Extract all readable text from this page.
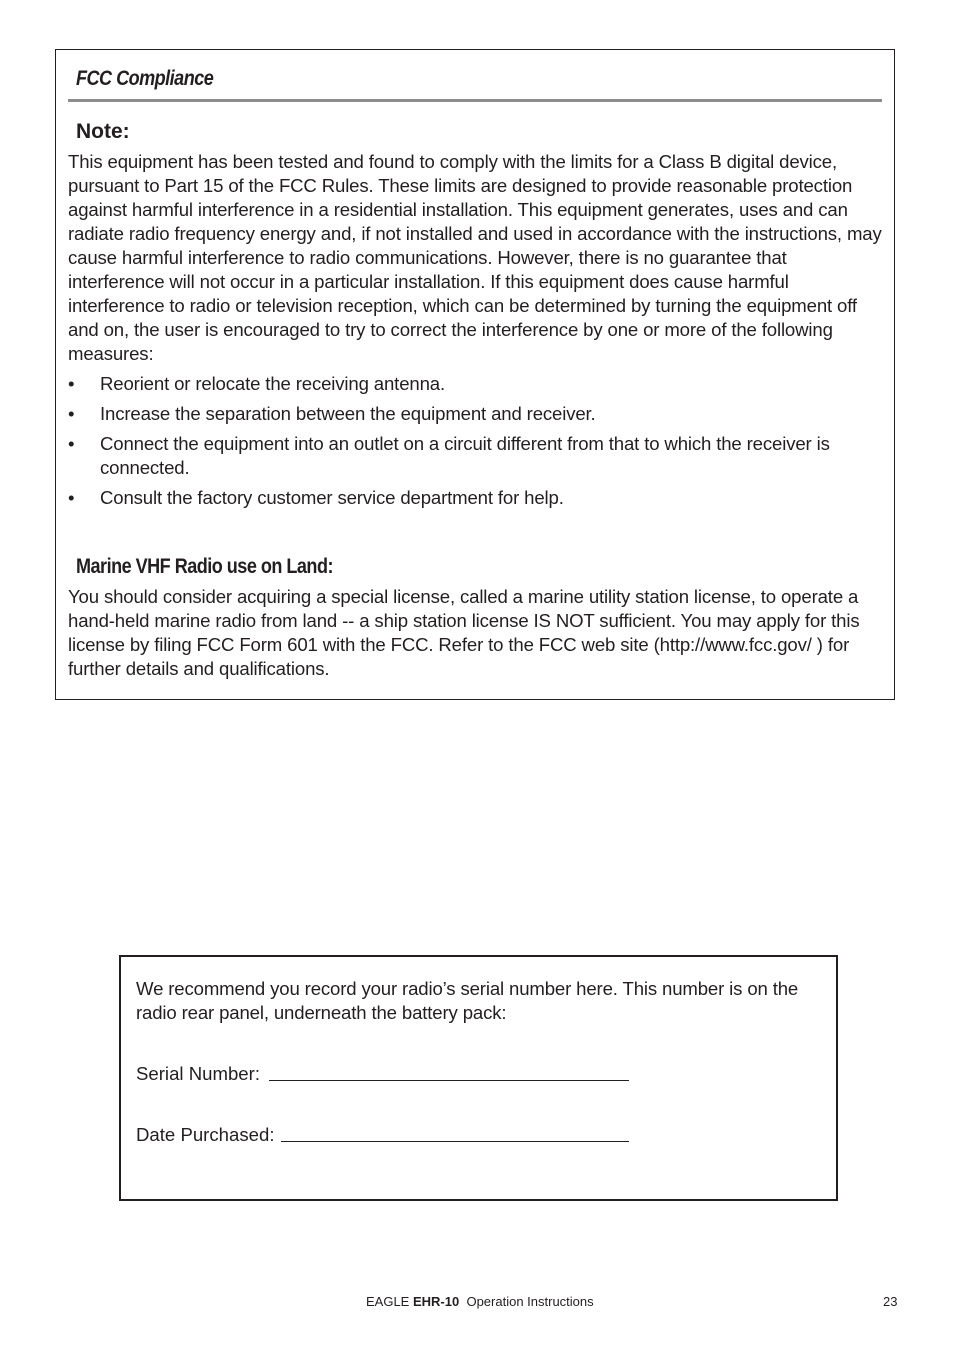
FCC Compliance
Note:
This equipment has been tested and found to comply with the limits for a Class B digital device, pursuant to Part 15 of the FCC Rules. These limits are designed to provide reasonable protection against harmful interference in a residential installation. This equipment generates, uses and can radiate radio frequency energy and, if not installed and used in accordance with the instructions, may cause harmful interference to radio communications. However, there is no guarantee that interference will not occur in a particular installation. If this equipment does cause harmful interference to radio or television reception, which can be determined by turning the equipment off and on, the user is encouraged to try to correct the interference by one or more of the following measures:
• Reorient or relocate the receiving antenna.
• Increase the separation between the equipment and receiver.
• Connect the equipment into an outlet on a circuit different from that to which the receiver is connected.
• Consult the factory customer service department for help.
Marine VHF Radio use on Land:
You should consider acquiring a special license, called a marine utility station license, to operate a hand-held marine radio from land -- a ship station license IS NOT sufficient. You may apply for this license by filing FCC Form 601 with the FCC. Refer to the FCC web site (http://www.fcc.gov/ ) for further details and qualifications.
We recommend you record your radio’s serial number here. This number is on the radio rear panel, underneath the battery pack:
Serial Number:
Date Purchased:
EAGLE EHR-10 Operation Instructions	23
